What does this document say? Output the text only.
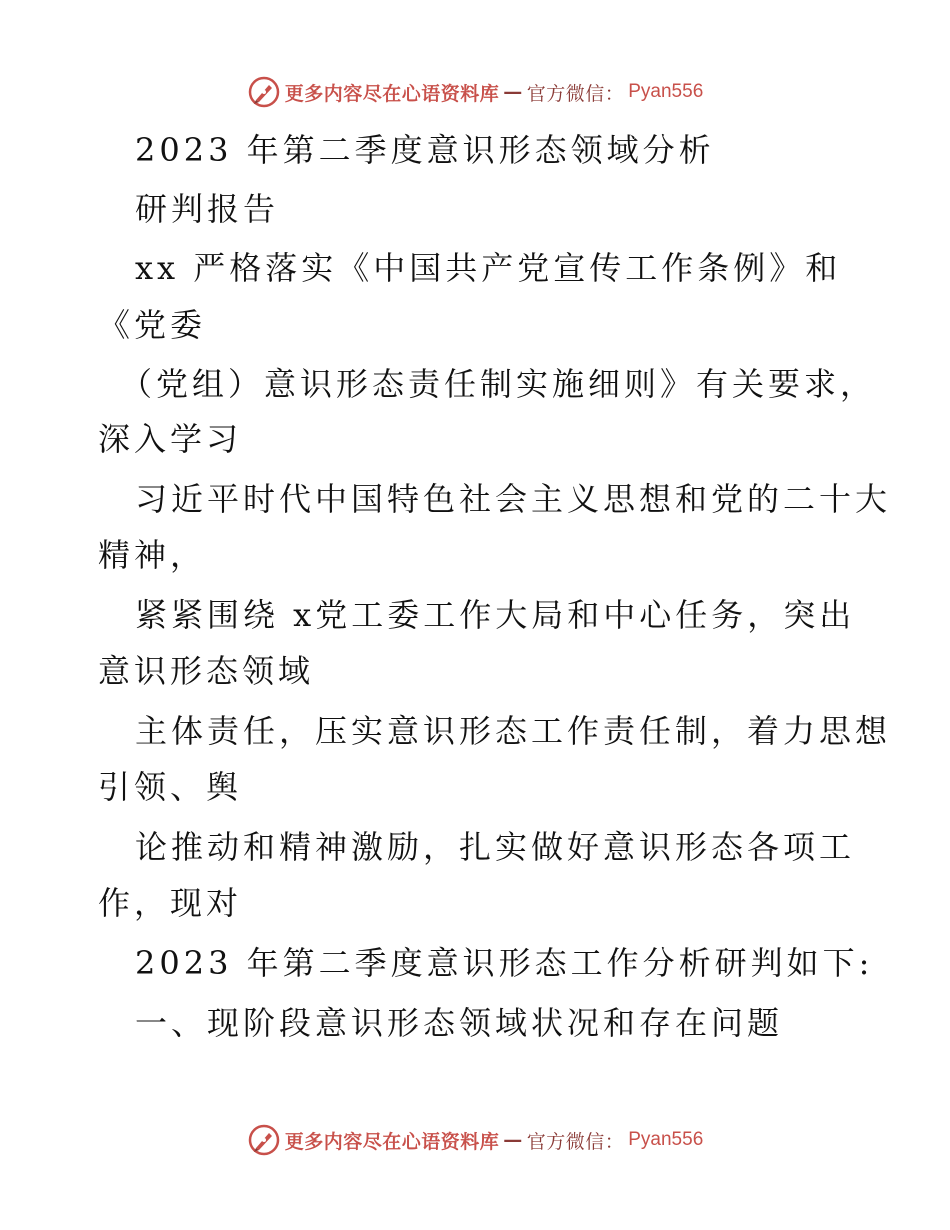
更多内容尽在心语资料库 — 官方微信： Pyan556
2023 年第二季度意识形态领域分析
研判报告
xx 严格落实《中国共产党宣传工作条例》和
《党委
（党组）意识形态责任制实施细则》有关要求，
深入学习
习近平时代中国特色社会主义思想和党的二十大
精神，
紧紧围绕 x党工委工作大局和中心任务，突出
意识形态领域
主体责任，压实意识形态工作责任制，着力思想
引领、舆
论推动和精神激励，扎实做好意识形态各项工
作，现对
2023 年第二季度意识形态工作分析研判如下:
一、现阶段意识形态领域状况和存在问题
更多内容尽在心语资料库 — 官方微信： Pyan556
